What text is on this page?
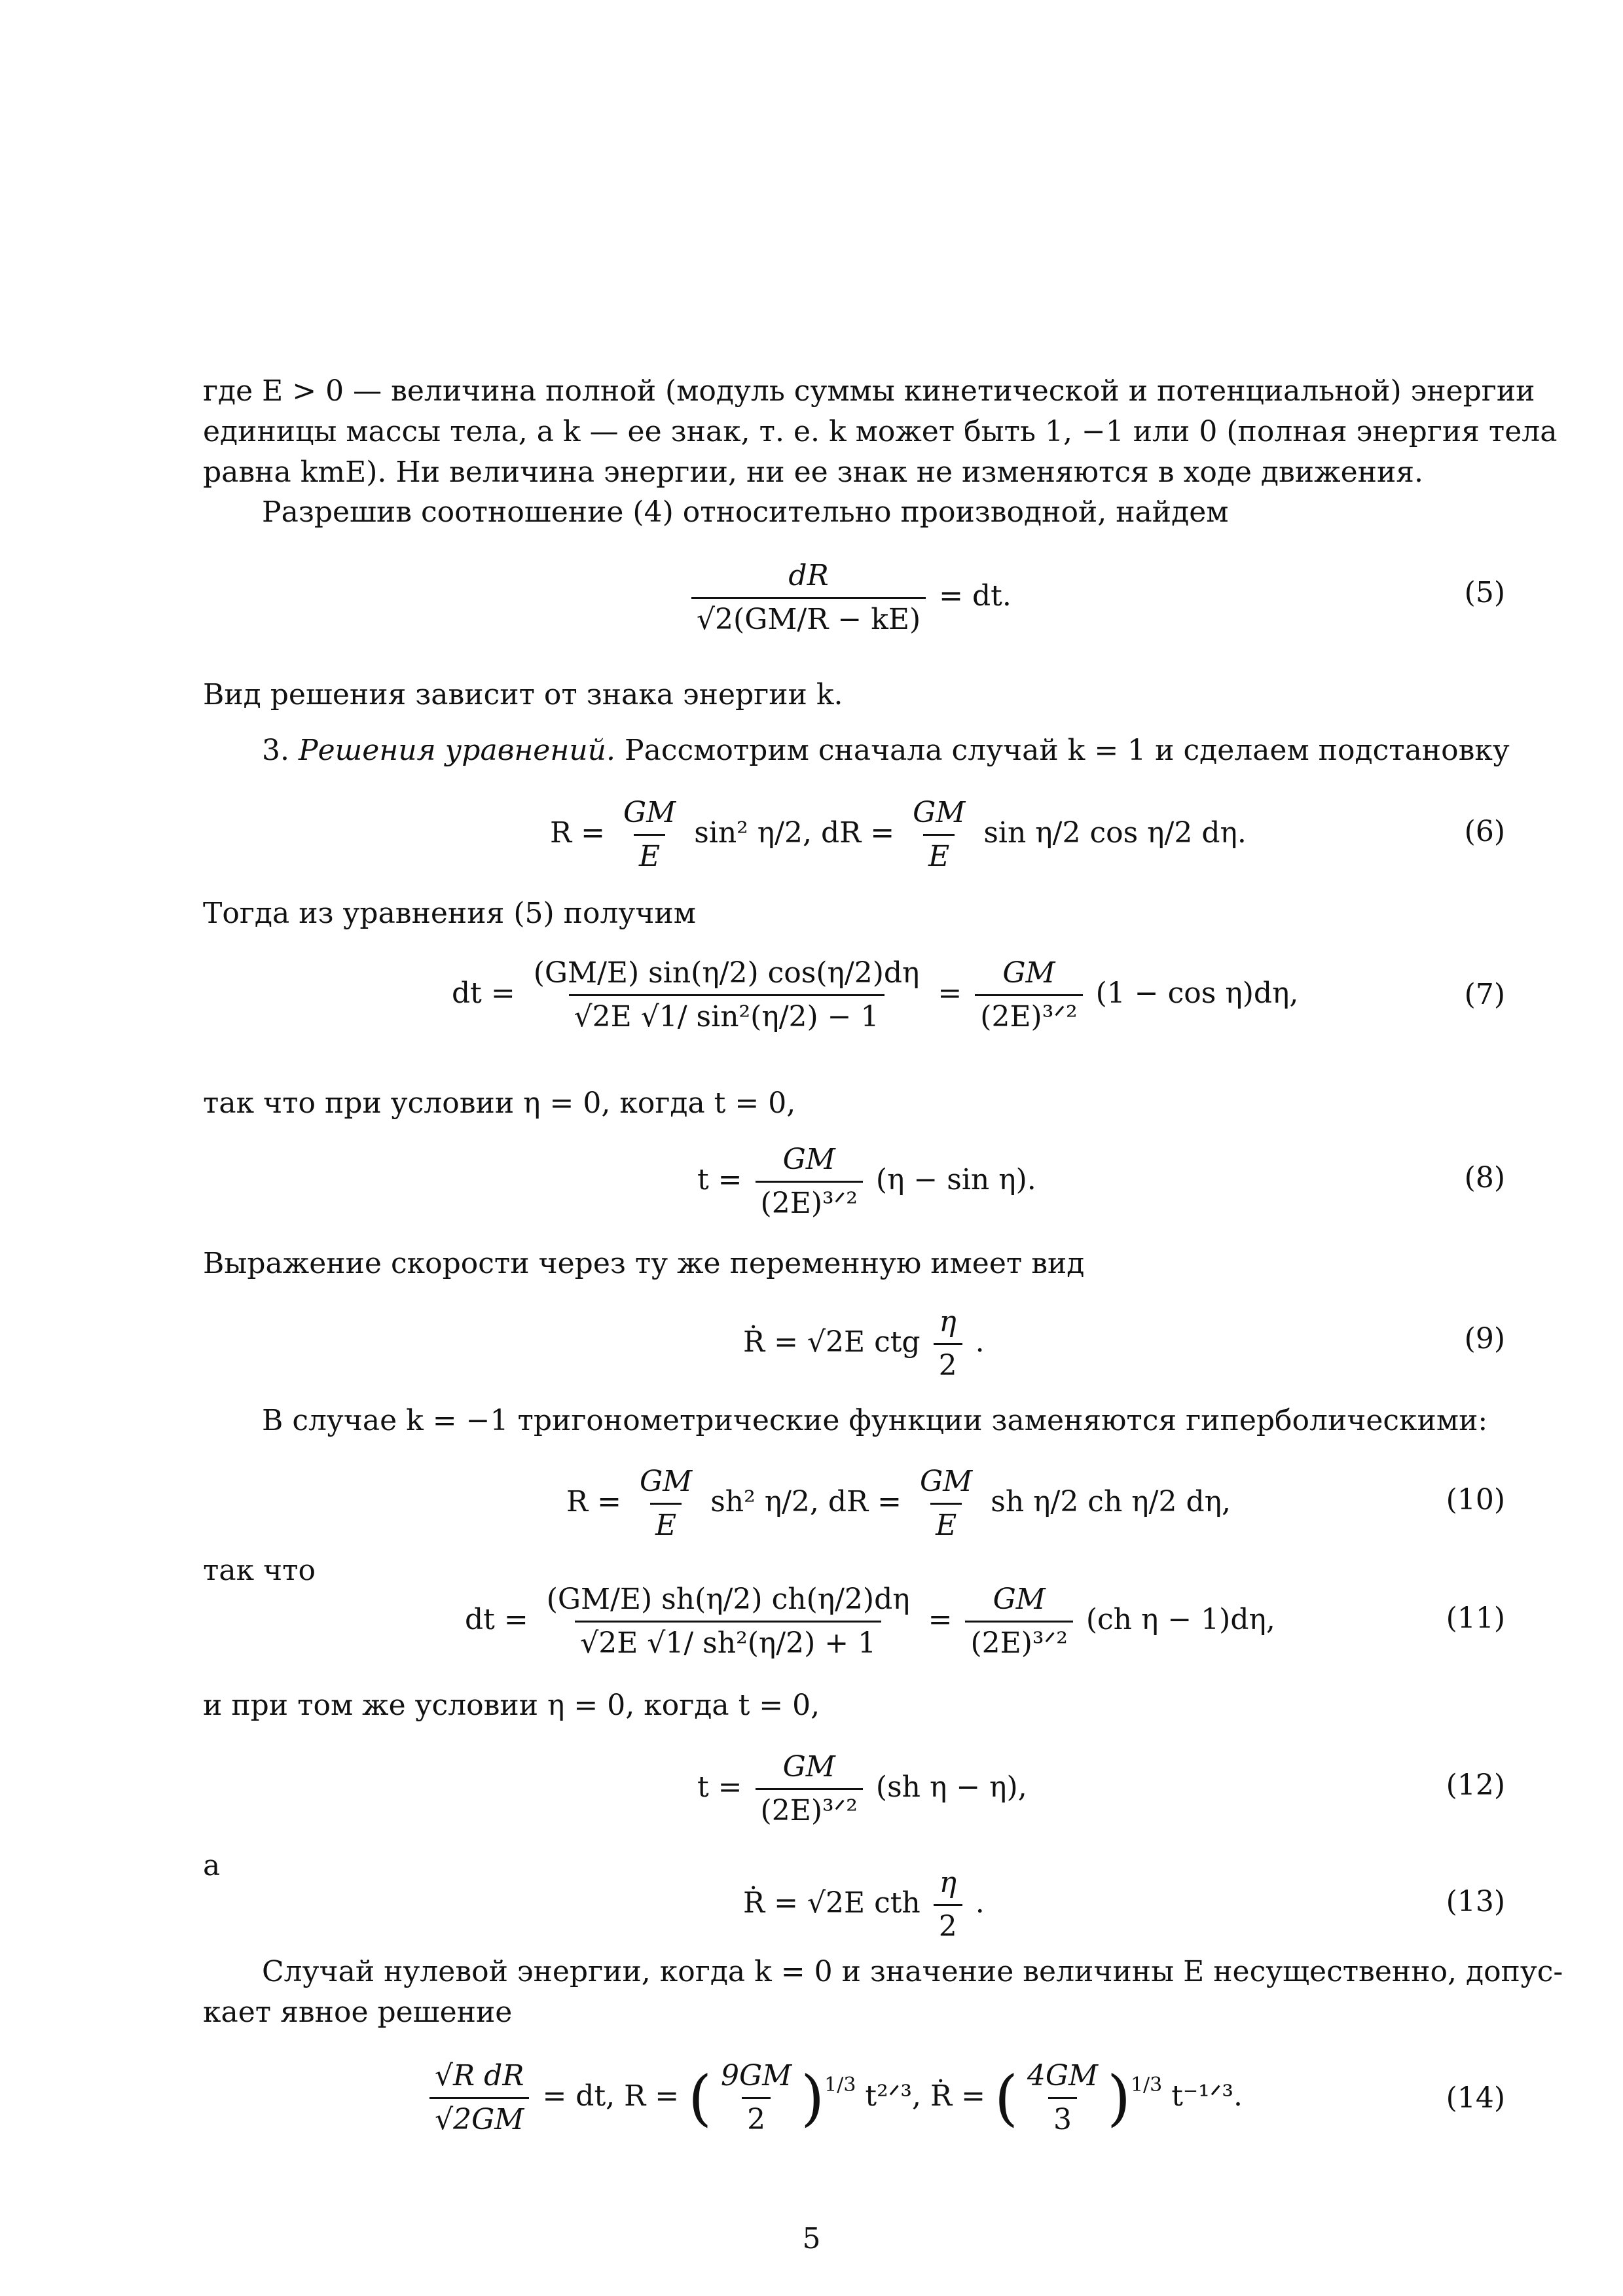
где E > 0 — величина полной (модуль суммы кинетической и потенциальной) энергии
единицы массы тела, а k — ее знак, т. е. k может быть 1, −1 или 0 (полная энергия тела
равна kmE). Ни величина энергии, ни ее знак не изменяются в ходе движения.
Разрешив соотношение (4) относительно производной, найдем
$\frac{dR}{√2(GM/R - kE)}$ = dt.	(5)
Вид решения зависит от знака энергии k.
3. Решения уравнений. Рассмотрим сначала случай k = 1 и сделаем подстановку
$R = \frac{GM}{E} \sin^2$ η/2, dR = $\frac{GM}{E}$ sin η/2 cos η/2 dη.	(6)
Тогда из уравнения (5) получим
dt = $\frac{(GM/E) \sin(\eta/2) \cos(\eta/2)d\eta}{\text{√2E √1/ sin²(η/2) − 1}} = \frac{GM}{\text{(2E)³ᐟ²}} (1 - \cos \eta)d\eta$,	(7)
так что при условии η = 0, когда t = 0,
$t = \frac{GM}{\text{(2E)³ᐟ²}} (\eta - \sin \eta)$.	(8)
Выражение скорости через ту же переменную имеет вид
Ṙ = √2E ctg $\frac{\eta}{2}$ .	(9)
В случае k = −1 тригонометрические функции заменяются гиперболическими:
$R = \frac{GM}{E} sh^2$ η/2, dR = $\frac{GM}{E}$ sh η/2 ch η/2 dη,	(10)
так что
dt = $\frac{(GM/E) sh(\eta/2) ch(\eta/2)d\eta}{\text{√2E √1/ sh²(η/2) + 1}} = \frac{GM}{\text{(2E)³ᐟ²}} (ch$ η − 1)dη,	(11)
и при том же условии η = 0, когда t = 0,
$t = \frac{GM}{\text{(2E)³ᐟ²}} (sh$ η − η),	(12)
а
Ṙ = √2E cth $\frac{\eta}{2}$ .	(13)
Случай нулевой энергии, когда k = 0 и значение величины E несущественно, допус-
кает явное решение
$\frac{\text{√R dR}}{√2GM}$ = dt, R = ( $\frac{9GM}{2} )^{1/3}$ t²ᐟ³, Ṙ = ( $\frac{4GM}{3} )^{1/3}$ t⁻¹ᐟ³.	(14)
5
